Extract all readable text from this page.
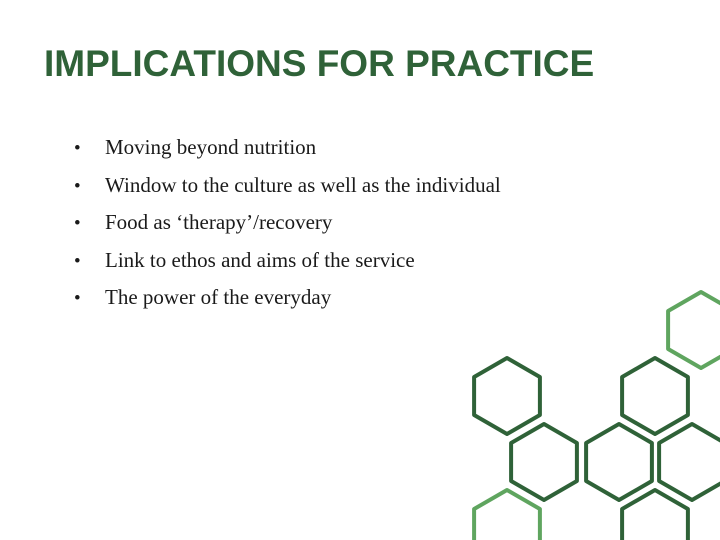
IMPLICATIONS FOR PRACTICE
•	Moving beyond nutrition
•	Window to the culture as well as the individual
•	Food as ‘therapy’/recovery
•	Link to ethos and aims of the service
•	The power of the everyday
